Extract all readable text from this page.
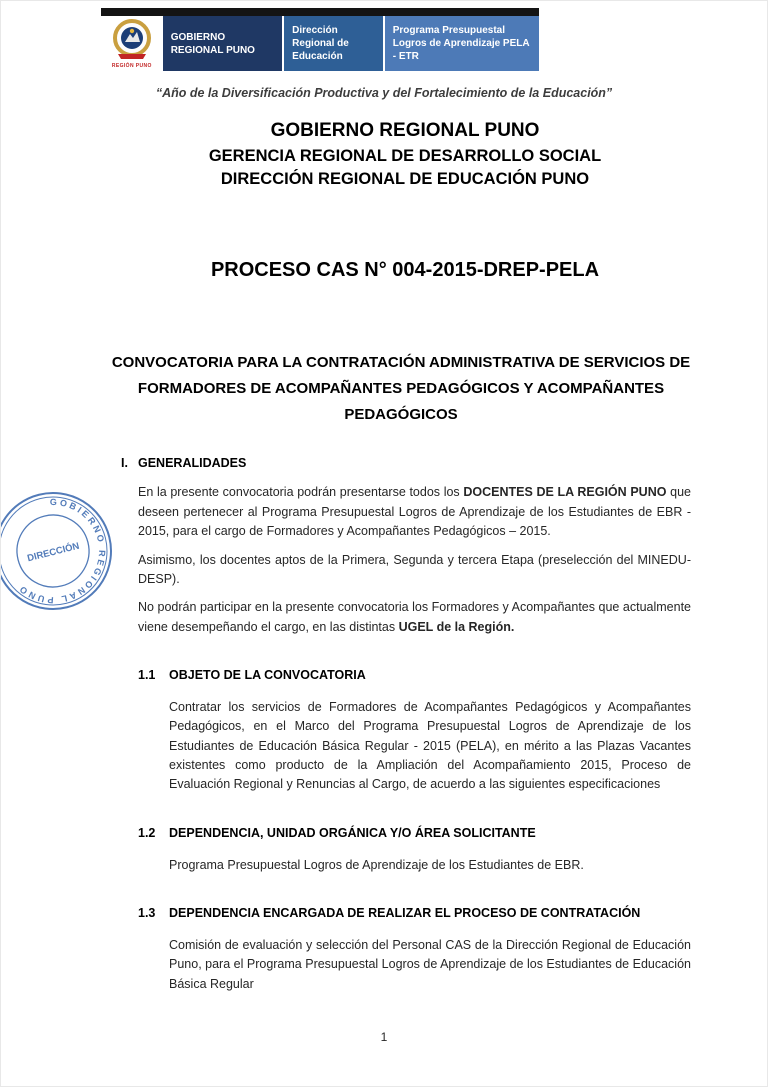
REGIÓN PUNO
GOBIERNO REGIONAL PUNO
Dirección Regional de Educación
Programa Presupuestal Logros de Aprendizaje PELA - ETR
“Año de la Diversificación Productiva y del Fortalecimiento de la Educación”
GOBIERNO REGIONAL PUNO
GERENCIA REGIONAL DE DESARROLLO SOCIAL
DIRECCIÓN REGIONAL DE EDUCACIÓN PUNO
PROCESO CAS N° 004-2015-DREP-PELA
CONVOCATORIA PARA LA CONTRATACIÓN ADMINISTRATIVA DE SERVICIOS DE FORMADORES DE ACOMPAÑANTES PEDAGÓGICOS Y ACOMPAÑANTES PEDAGÓGICOS
GOBIERNO REGIONAL PUNO
DIRECCIÓN
I. GENERALIDADES

En la presente convocatoria podrán presentarse todos los DOCENTES DE LA REGIÓN PUNO que deseen pertenecer al Programa Presupuestal Logros de Aprendizaje de los Estudiantes de EBR - 2015, para el cargo de Formadores y Acompañantes Pedagógicos – 2015.

Asimismo, los docentes aptos de la Primera, Segunda y tercera Etapa (preselección del MINEDU-DESP).

No podrán participar en la presente convocatoria los Formadores y Acompañantes que actualmente viene desempeñando el cargo, en las distintas UGEL de la Región.

1.1	OBJETO DE LA CONVOCATORIA

Contratar los servicios de Formadores de Acompañantes Pedagógicos y Acompañantes Pedagógicos, en el Marco del Programa Presupuestal Logros de Aprendizaje de los Estudiantes de Educación Básica Regular - 2015 (PELA), en mérito a las Plazas Vacantes existentes como producto de la Ampliación del Acompañamiento 2015, Proceso de Evaluación Regional y Renuncias al Cargo, de acuerdo a las siguientes especificaciones

1.2	DEPENDENCIA, UNIDAD ORGÁNICA Y/O ÁREA SOLICITANTE

Programa Presupuestal Logros de Aprendizaje de los Estudiantes de EBR.

1.3	DEPENDENCIA ENCARGADA DE REALIZAR EL PROCESO DE CONTRATACIÓN

Comisión de evaluación y selección del Personal CAS de la Dirección Regional de Educación Puno, para el Programa Presupuestal Logros de Aprendizaje de los Estudiantes de Educación Básica Regular

1
